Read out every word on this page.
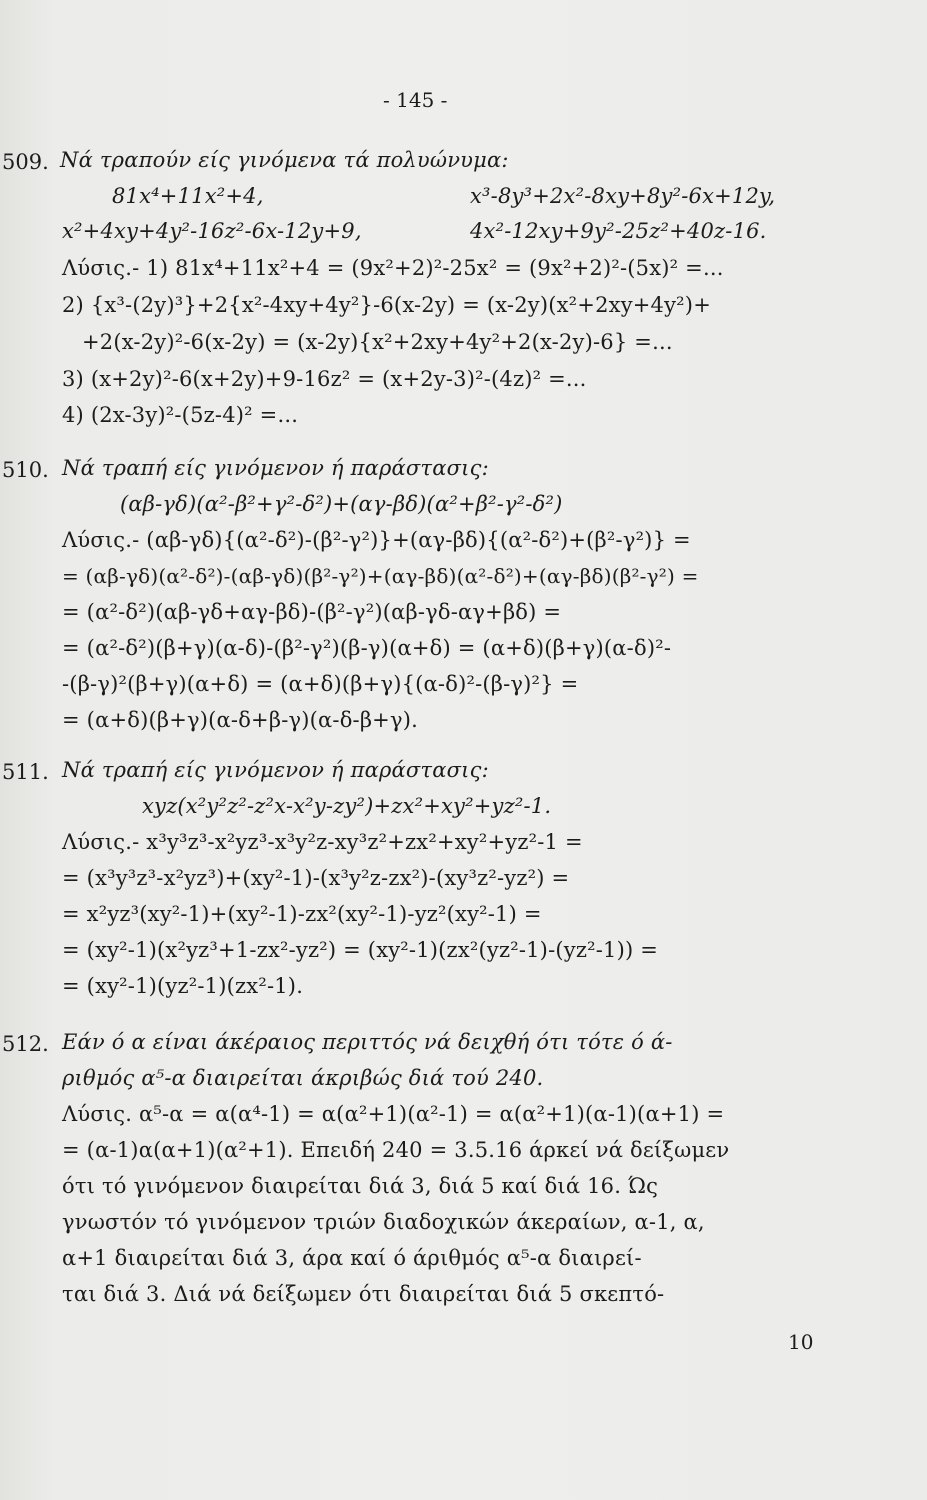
- 145 -
509. Νά τραπούν είς γινόμενα τά πολυώνυμα:
81x⁴+11x²+4,	x³-8y³+2x²-8xy+8y²-6x+12y,
x²+4xy+4y²-16z²-6x-12y+9,	4x²-12xy+9y²-25z²+40z-16.
Λύσις.- 1) 81x⁴+11x²+4 = (9x²+2)²-25x² = (9x²+2)²-(5x)² =...
2) {x³-(2y)³}+2{x²-4xy+4y²}-6(x-2y) = (x-2y)(x²+2xy+4y²)+
+2(x-2y)²-6(x-2y) = (x-2y){x²+2xy+4y²+2(x-2y)-6} =...
3) (x+2y)²-6(x+2y)+9-16z² = (x+2y-3)²-(4z)² =...
4) (2x-3y)²-(5z-4)² =...
510. Νά τραπή είς γινόμενον ή παράστασις:
(αβ-γδ)(α²-β²+γ²-δ²)+(αγ-βδ)(α²+β²-γ²-δ²)
Λύσις.- (αβ-γδ){(α²-δ²)-(β²-γ²)}+(αγ-βδ){(α²-δ²)+(β²-γ²)} =
= (αβ-γδ)(α²-δ²)-(αβ-γδ)(β²-γ²)+(αγ-βδ)(α²-δ²)+(αγ-βδ)(β²-γ²) =
= (α²-δ²)(αβ-γδ+αγ-βδ)-(β²-γ²)(αβ-γδ-αγ+βδ) =
= (α²-δ²)(β+γ)(α-δ)-(β²-γ²)(β-γ)(α+δ) = (α+δ)(β+γ)(α-δ)²-
-(β-γ)²(β+γ)(α+δ) = (α+δ)(β+γ){(α-δ)²-(β-γ)²} =
= (α+δ)(β+γ)(α-δ+β-γ)(α-δ-β+γ).
511. Νά τραπή είς γινόμενον ή παράστασις:
xyz(x²y²z²-z²x-x²y-zy²)+zx²+xy²+yz²-1.
Λύσις.- x³y³z³-x²yz³-x³y²z-xy³z²+zx²+xy²+yz²-1 =
= (x³y³z³-x²yz³)+(xy²-1)-(x³y²z-zx²)-(xy³z²-yz²) =
= x²yz³(xy²-1)+(xy²-1)-zx²(xy²-1)-yz²(xy²-1) =
= (xy²-1)(x²yz³+1-zx²-yz²) = (xy²-1)(zx²(yz²-1)-(yz²-1)) =
= (xy²-1)(yz²-1)(zx²-1).
512. Εάν ό α είναι άκέραιος περιττός νά δειχθή ότι τότε ό ά-
ριθμός α⁵-α διαιρείται άκριβώς διά τού 240.
Λύσις. α⁵-α = α(α⁴-1) = α(α²+1)(α²-1) = α(α²+1)(α-1)(α+1) =
= (α-1)α(α+1)(α²+1). Επειδή 240 = 3.5.16 άρκεί νά δείξωμεν
ότι τό γινόμενον διαιρείται διά 3, διά 5 καί διά 16. Ώς
γνωστόν τό γινόμενον τριών διαδοχικών άκεραίων, α-1, α,
α+1 διαιρείται διά 3, άρα καί ό άριθμός α⁵-α διαιρεί-
ται διά 3. Διά νά δείξωμεν ότι διαιρείται διά 5 σκεπτό-
10
